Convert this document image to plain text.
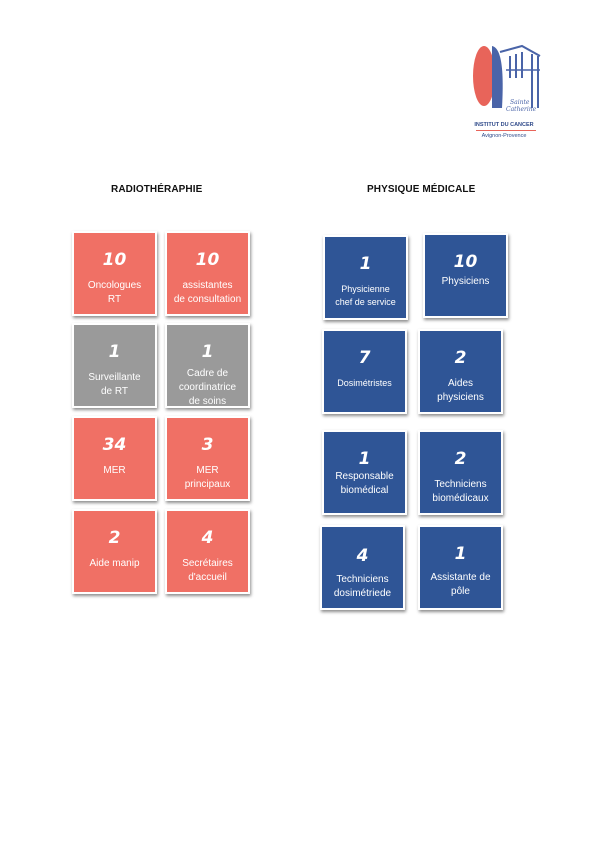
Sainte
Catherine
INSTITUT DU CANCER
Avignon-Provence
RADIOTHÉRAPHIE	PHYSIQUE MÉDICALE
10
Oncologues
RT
10
assistantes
de consultation
1
Surveillante
de RT
1
Cadre de
coordinatrice
de soins
34
MER
3
MER
principaux
2
Aide manip
4
Secrétaires
d'accueil
1
Physicienne
chef de service
10
Physiciens
7
Dosimétristes
2
Aides
physiciens
1
Responsable
biomédical
2
Techniciens
biomédicaux
4
Techniciens
dosimétriede
1
Assistante de
pôle
